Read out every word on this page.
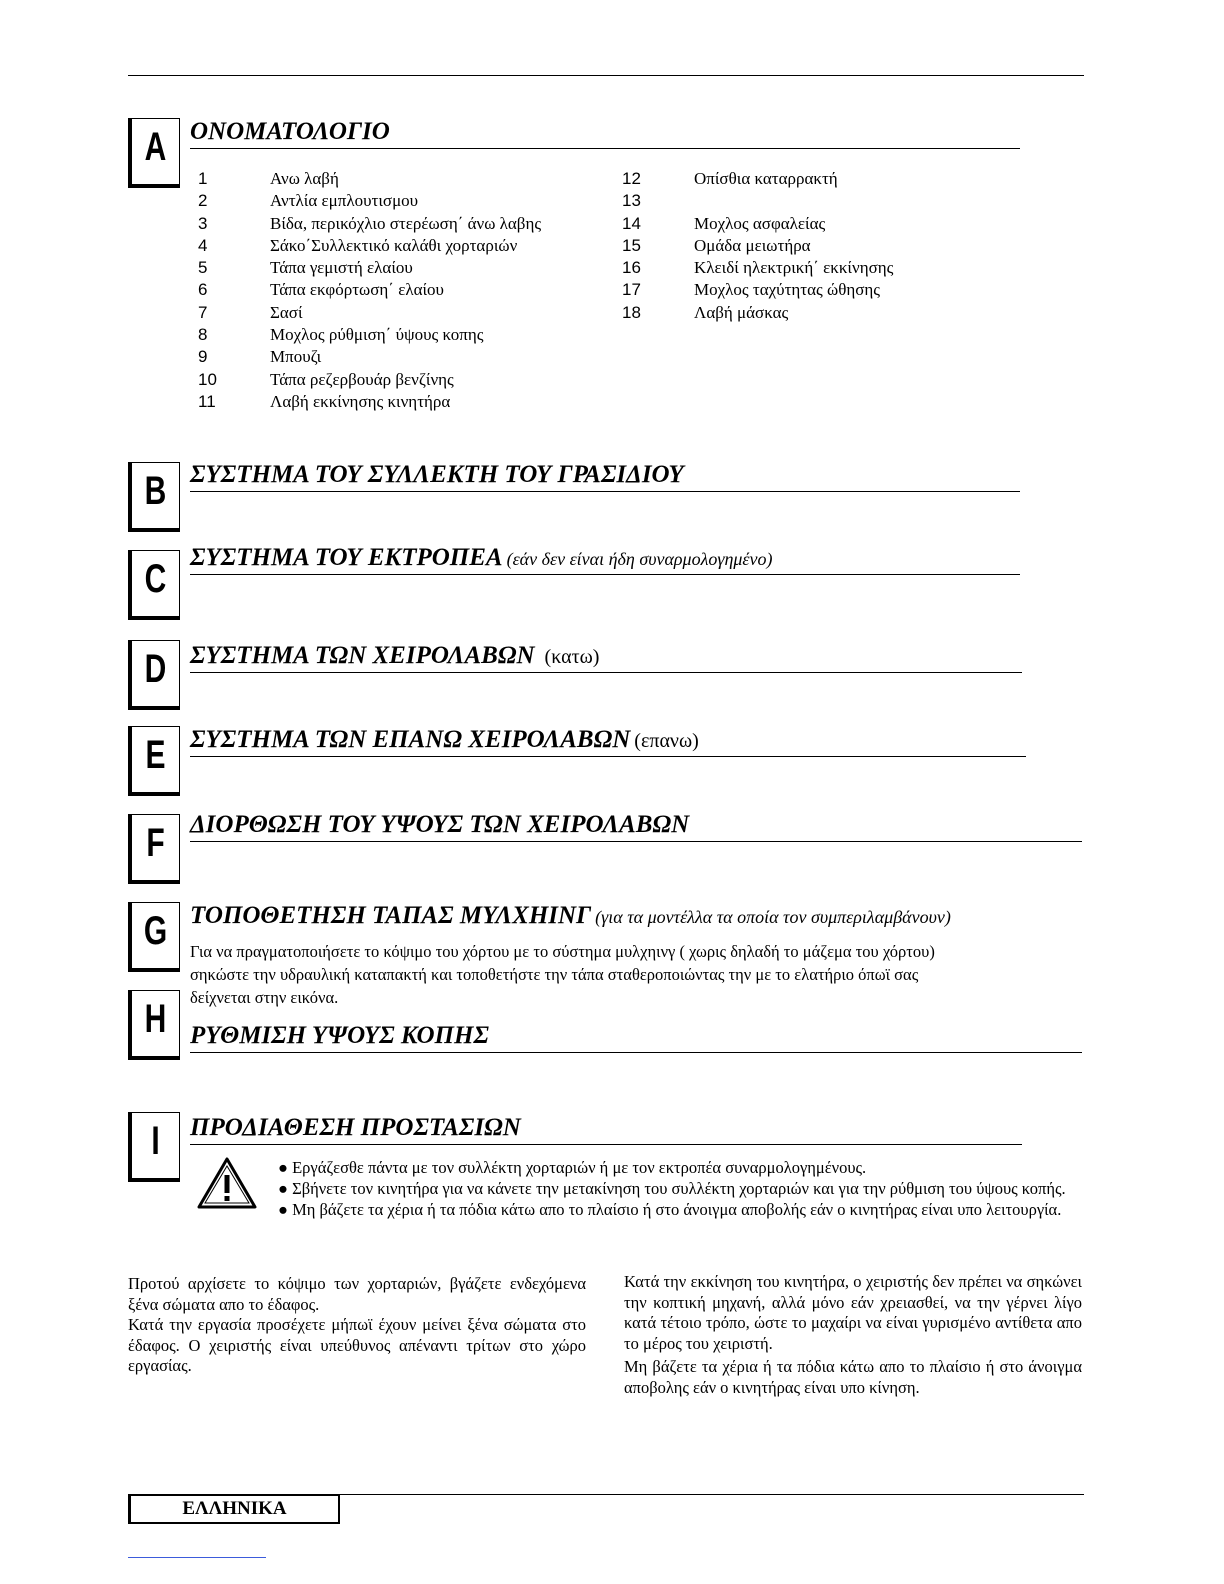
A ΟΝΟΜΑΤΟΛΟΓΙΟ
1	Ανω λαβή
2	Αντλία εμπλουτισμου
3	Βίδα, περικόχλιο στερέωση΄ άνω λαβης
4	Σάκο΄Συλλεκτικό καλάθι χορταριών
5	Τάπα γεμιστή ελαίου
6	Τάπα εκφόρτωση΄ ελαίου
7	Σασί
8	Μοχλος ρύθμιση΄ ύψους κοπης
9	Μπουζι
10	Τάπα ρεζερβουάρ βενζίνης
11	Λαβή εκκίνησης κινητήρα
12	Οπίσθια καταρρακτή
13
14	Μοχλος ασφαλείας
15	Ομάδα μειωτήρα
16	Κλειδί ηλεκτρική΄ εκκίνησης
17	Μοχλος ταχύτητας ώθησης
18	Λαβή μάσκας
B ΣΥΣΤΗΜΑ ΤΟΥ ΣΥΛΛΕΚΤΗ ΤΟΥ ΓΡΑΣΙΔΙΟΥ
C ΣΥΣΤΗΜΑ ΤΟΥ ΕΚΤΡΟΠΕΑ (εάν δεν είναι ήδη συναρμολογημένο)
D ΣΥΣΤΗΜΑ ΤΩΝ ΧΕΙΡΟΛΑΒΩΝ (κατω)
E ΣΥΣΤΗΜΑ ΤΩΝ ΕΠΑΝΩ ΧΕΙΡΟΛΑΒΩΝ (επανω)
F	ΔΙΟΡΘΩΣΗ ΤΟΥ ΥΨΟΥΣ ΤΩΝ ΧΕΙΡΟΛΑΒΩΝ
G ΤΟΠΟΘΕΤΗΣΗ ΤΑΠΑΣ ΜΥΛΧΗΙΝΓ (για τα μοντέλλα τα οποία τον συμπεριλαμβάνουν)
Για να πραγματοποιήσετε το κόψιμο του χόρτου με το σύστημα μυλχηινγ ( χωρις δηλαδή το μάζεμα του χόρτου)
σηκώστε την υδραυλική καταπακτή και τοποθετήστε την τάπα σταθεροποιώντας την με το ελατήριο όπωϊ σας
δείχνεται στην εικόνα.
H ΡΥΘΜΙΣΗ ΥΨΟΥΣ ΚΟΠΗΣ
I	ΠΡΟΔΙΑΘΕΣΗ ΠΡΟΣΤΑΣΙΩΝ
● Εργάζεσθε πάντα με τον συλλέκτη χορταριών ή με τον εκτροπέα συναρμολογημένους.
● Σβήνετε τον κινητήρα για να κάνετε την μετακίνηση του συλλέκτη χορταριών και για την ρύθμιση του ύψους κοπής.
● Μη βάζετε τα χέρια ή τα πόδια κάτω απο το πλαίσιο ή στο άνοιγμα αποβολής εάν ο κινητήρας είναι υπο λειτουργία.
Προτού αρχίσετε το κόψιμο των χορταριών, βγάζετε ενδεχόμενα ξένα σώματα απο το έδαφος.
Κατά την εργασία προσέχετε μήπωϊ έχουν μείνει ξένα σώματα στο έδαφος. Ο χειριστής είναι υπεύθυνος απέναντι τρίτων στο χώρο εργασίας.
Κατά την εκκίνηση του κινητήρα, ο χειριστής δεν πρέπει να σηκώνει την κοπτική μηχανή, αλλά μόνο εάν χρειασθεί, να την γέρνει λίγο κατά τέτοιο τρόπο, ώστε το μαχαίρι να είναι γυρισμένο αντίθετα απο το μέρος του χειριστή.
Μη βάζετε τα χέρια ή τα πόδια κάτω απο το πλαίσιο ή στο άνοιγμα αποβολης εάν ο κινητήρας είναι υπο κίνηση.
ΕΛΛΗΝΙΚΑ
